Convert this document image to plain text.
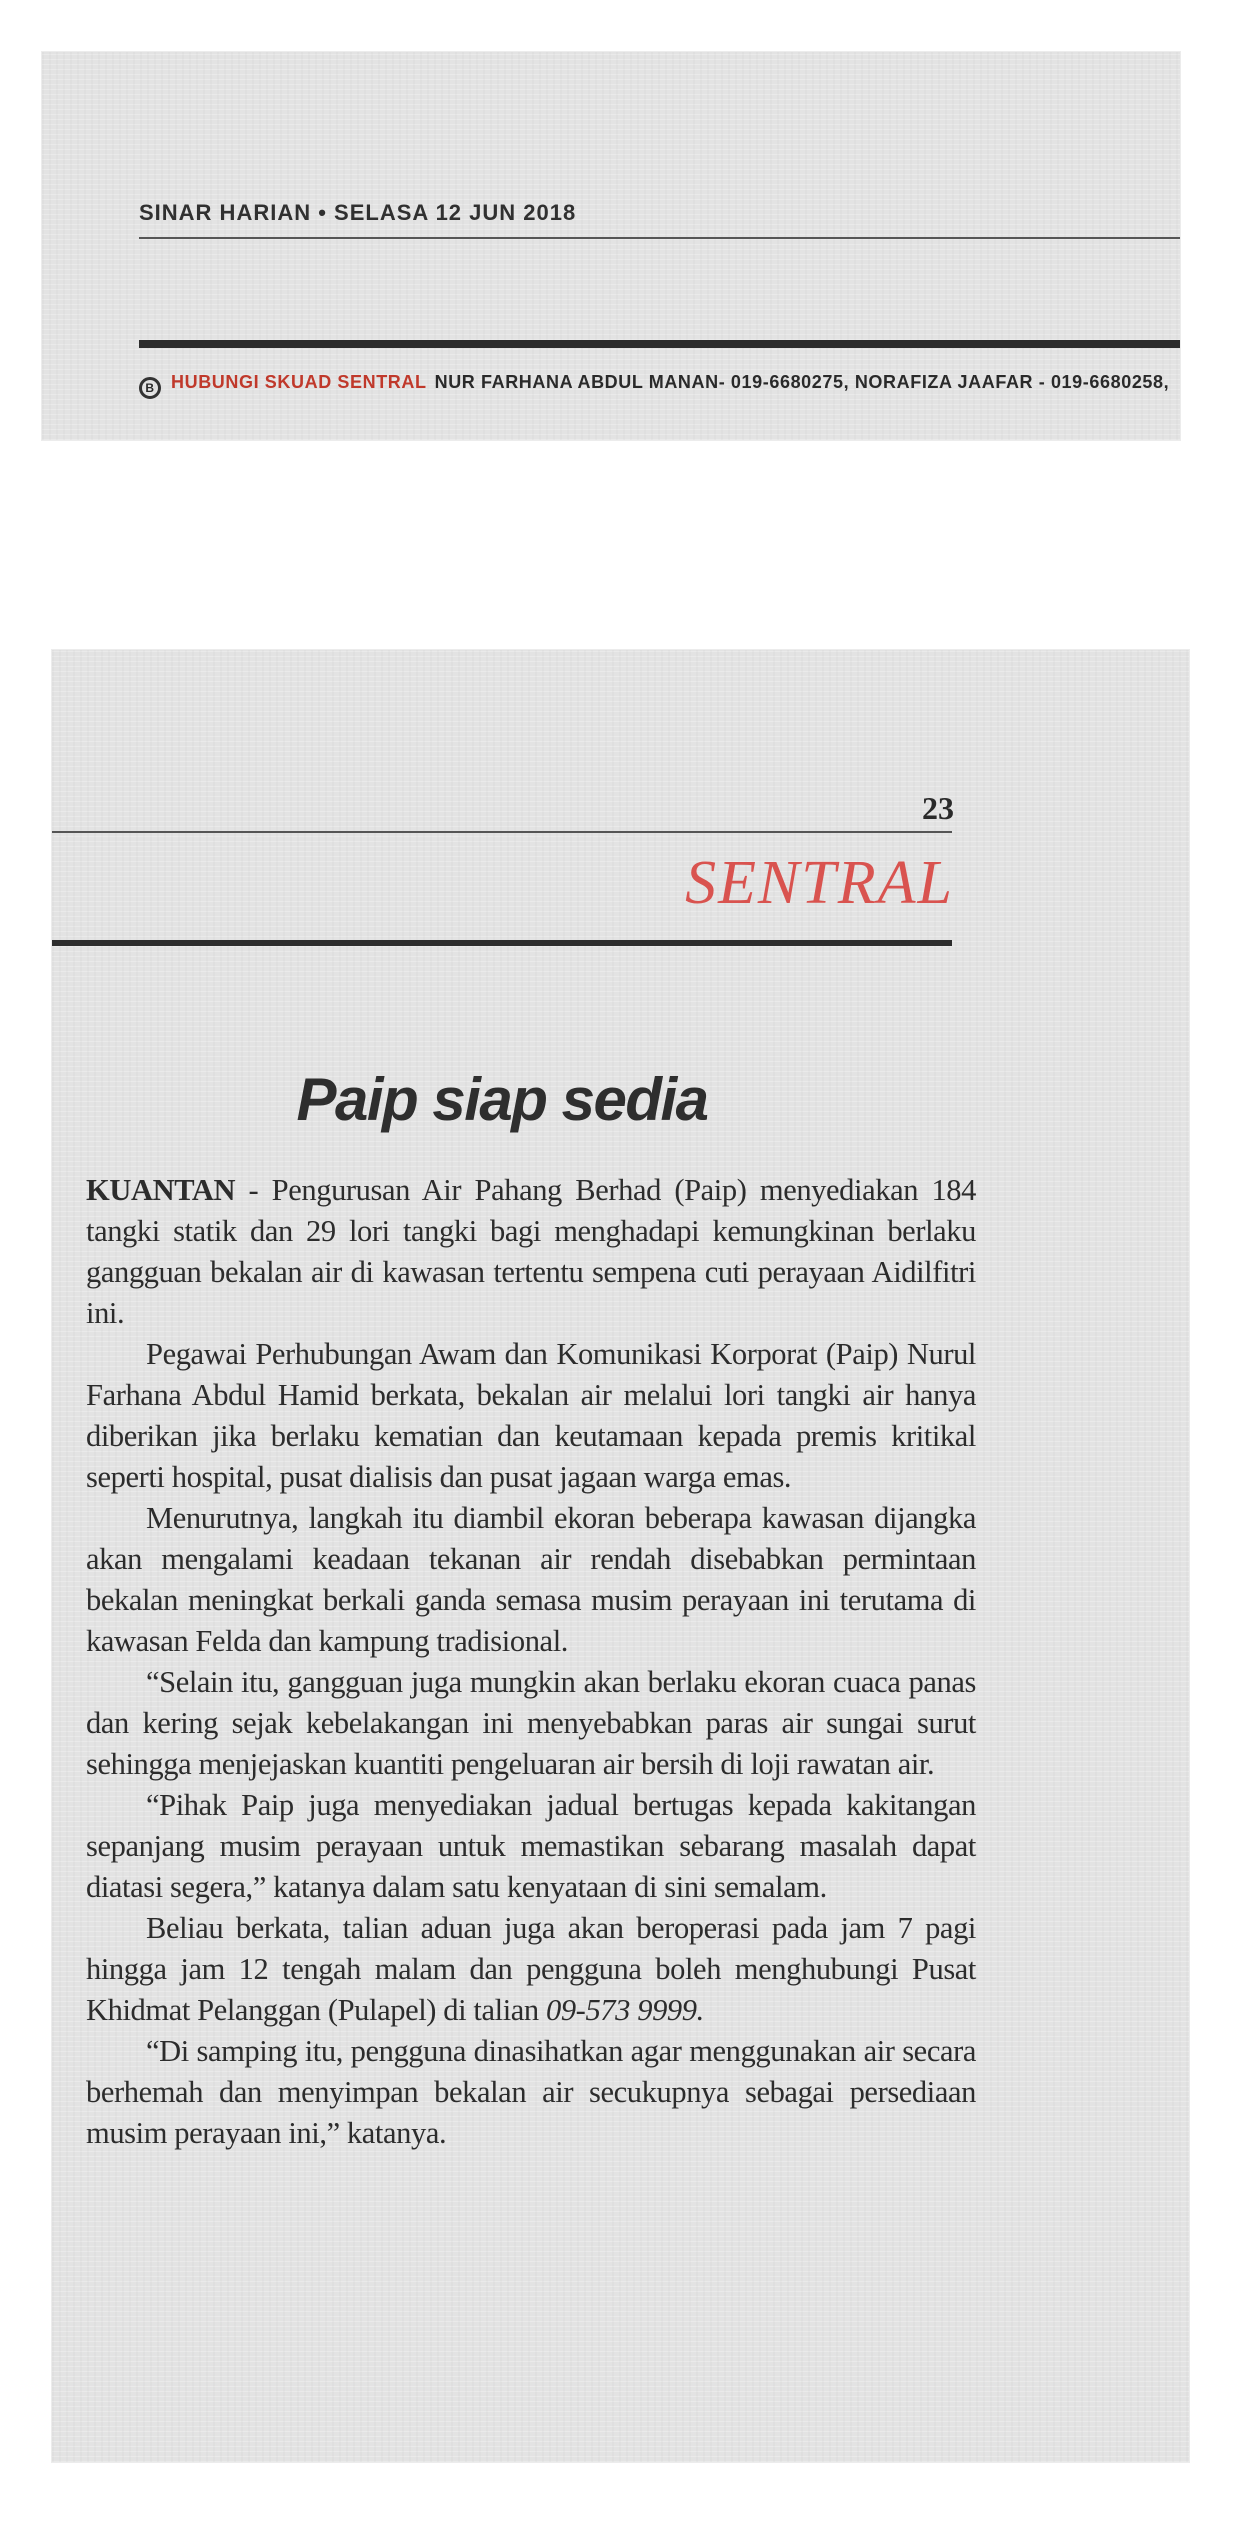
SINAR HARIAN • SELASA 12 JUN 2018
B HUBUNGI SKUAD SENTRAL NUR FARHANA ABDUL MANAN- 019-6680275, NORAFIZA JAAFAR - 019-6680258,
23
SENTRAL
Paip siap sedia

KUANTAN - Pengurusan Air Pahang Berhad (Paip) menyediakan 184 tangki statik dan 29 lori tangki bagi menghadapi kemungkinan berlaku gangguan bekalan air di kawasan tertentu sempena cuti perayaan Aidilfitri ini.

Pegawai Perhubungan Awam dan Komunikasi Korporat (Paip) Nurul Farhana Abdul Hamid berkata, bekalan air melalui lori tangki air hanya diberikan jika berlaku kematian dan keutamaan kepada premis kritikal seperti hospital, pusat dialisis dan pusat jagaan warga emas.

Menurutnya, langkah itu diambil ekoran beberapa kawasan dijangka akan mengalami keadaan tekanan air rendah disebabkan permintaan bekalan meningkat berkali ganda semasa musim perayaan ini terutama di kawasan Felda dan kampung tradisional.

“Selain itu, gangguan juga mungkin akan berlaku ekoran cuaca panas dan kering sejak kebelakangan ini menyebabkan paras air sungai surut sehingga menjejaskan kuantiti pengeluaran air bersih di loji rawatan air.

“Pihak Paip juga menyediakan jadual bertugas kepada kakitangan sepanjang musim perayaan untuk memastikan sebarang masalah dapat diatasi segera,” katanya dalam satu kenyataan di sini semalam.

Beliau berkata, talian aduan juga akan beroperasi pada jam 7 pagi hingga jam 12 tengah malam dan pengguna boleh menghubungi Pusat Khidmat Pelanggan (Pulapel) di talian 09-573 9999.

“Di samping itu, pengguna dinasihatkan agar menggunakan air secara berhemah dan menyimpan bekalan air secukupnya sebagai persediaan musim perayaan ini,” katanya.
